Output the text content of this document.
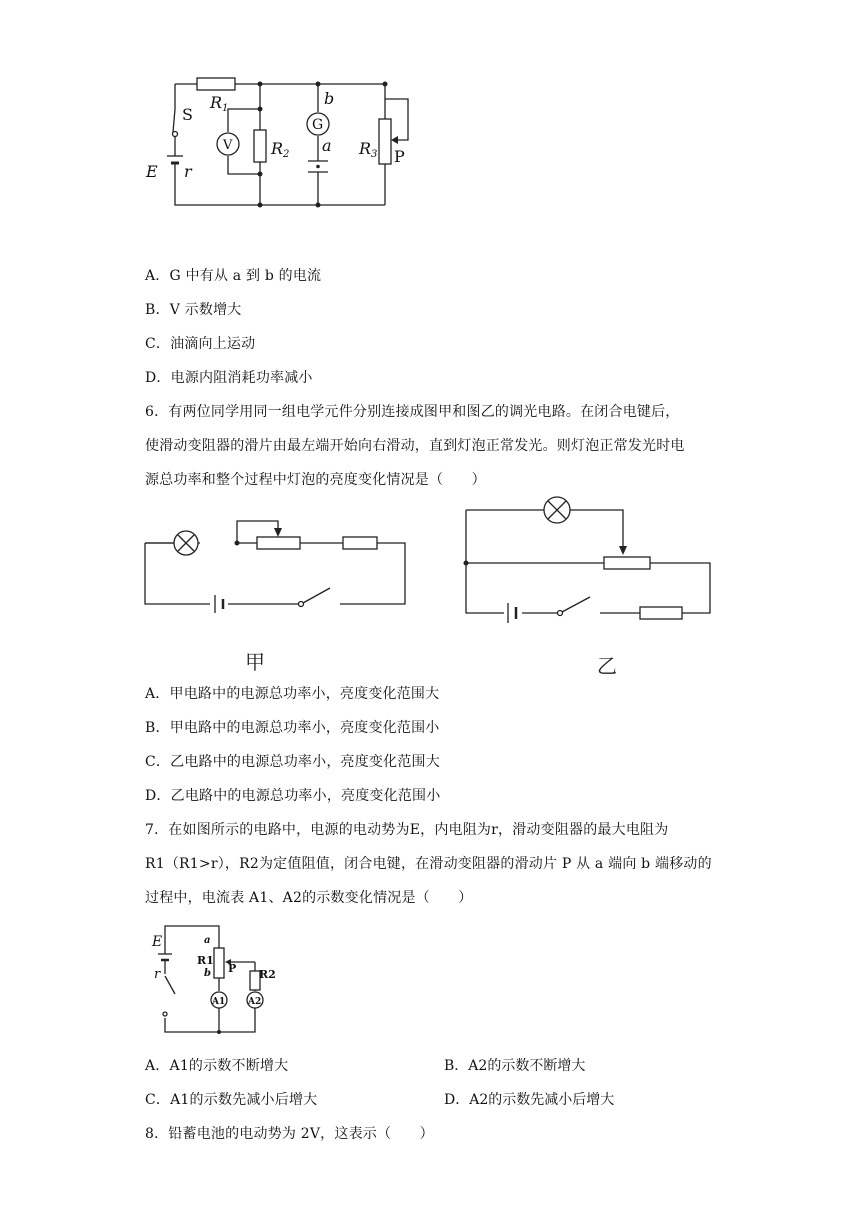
R1
S
V
G
b
a
R2	R3 P
E r
A．G 中有从 a 到 b 的电流
B．V 示数增大
C．油滴向上运动
D．电源内阻消耗功率减小
6．有两位同学用同一组电学元件分别连接成图甲和图乙的调光电路。在闭合电键后，
使滑动变阻器的滑片由最左端开始向右滑动，直到灯泡正常发光。则灯泡正常发光时电
源总功率和整个过程中灯泡的亮度变化情况是（　　）
甲	乙
A．甲电路中的电源总功率小，亮度变化范围大
B．甲电路中的电源总功率小，亮度变化范围小
C．乙电路中的电源总功率小，亮度变化范围大
D．乙电路中的电源总功率小，亮度变化范围小
7．在如图所示的电路中，电源的电动势为E，内电阻为r，滑动变阻器的最大电阻为
R1（R1>r），R2为定值阻值，闭合电键，在滑动变阻器的滑动片 P 从 a 端向 b 端移动的
过程中，电流表 A1、A2的示数变化情况是（　　）
E
r
a
R1
b P R2
A1	A2
A．A1的示数不断增大	B．A2的示数不断增大
C．A1的示数先减小后增大	D．A2的示数先减小后增大
8．铅蓄电池的电动势为 2V，这表示（　　）
